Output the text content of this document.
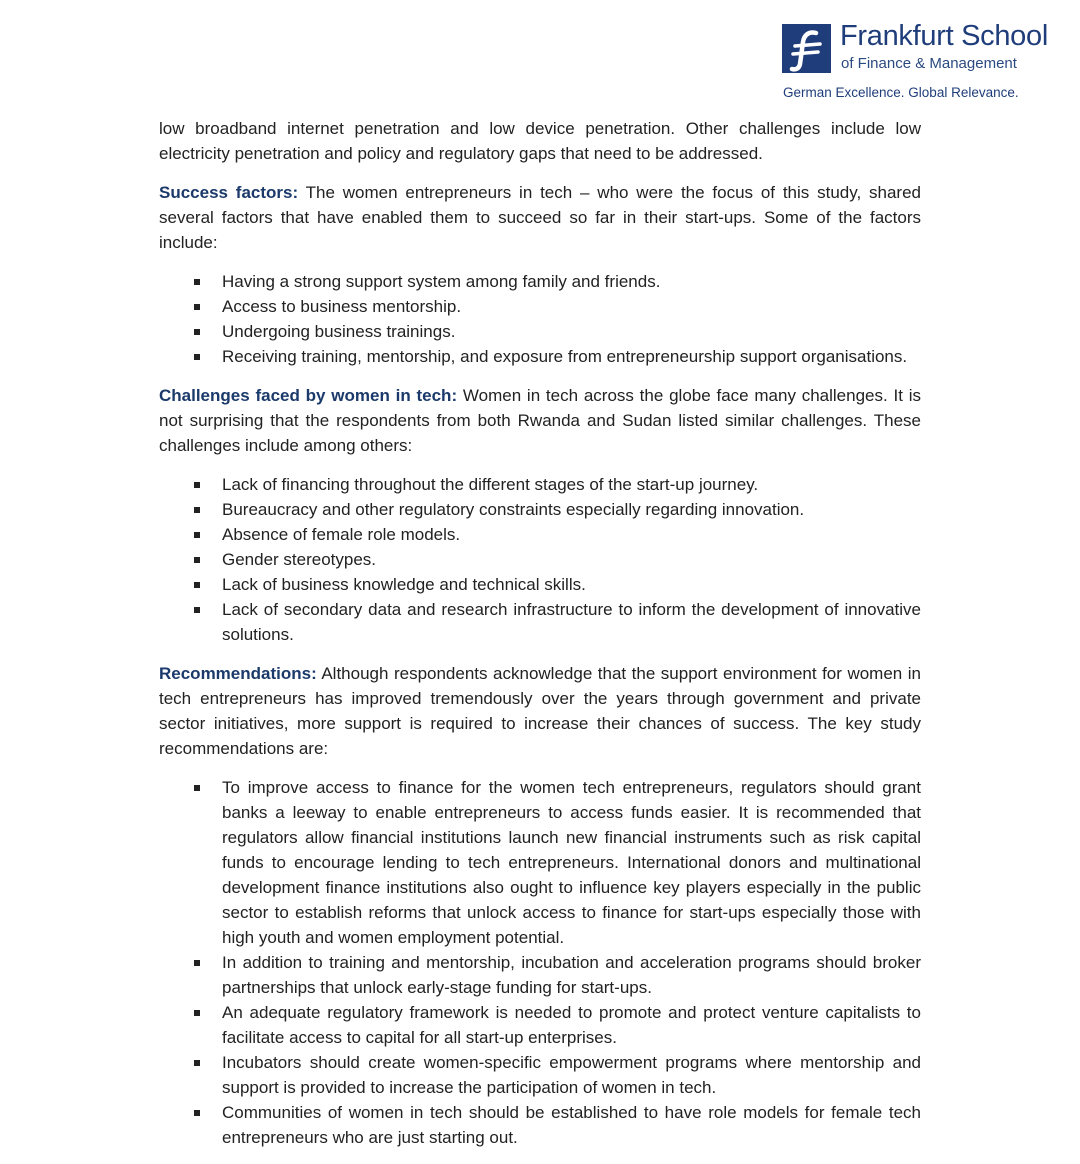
Frankfurt School
of Finance & Management
German Excellence. Global Relevance.

low broadband internet penetration and low device penetration. Other challenges include low electricity penetration and policy and regulatory gaps that need to be addressed.

Success factors: The women entrepreneurs in tech – who were the focus of this study, shared several factors that have enabled them to succeed so far in their start-ups. Some of the factors include:

Having a strong support system among family and friends.
Access to business mentorship.
Undergoing business trainings.
Receiving training, mentorship, and exposure from entrepreneurship support organisations.

Challenges faced by women in tech: Women in tech across the globe face many challenges. It is not surprising that the respondents from both Rwanda and Sudan listed similar challenges. These challenges include among others:

Lack of financing throughout the different stages of the start-up journey.
Bureaucracy and other regulatory constraints especially regarding innovation.
Absence of female role models.
Gender stereotypes.
Lack of business knowledge and technical skills.
Lack of secondary data and research infrastructure to inform the development of innovative solutions.

Recommendations: Although respondents acknowledge that the support environment for women in tech entrepreneurs has improved tremendously over the years through government and private sector initiatives, more support is required to increase their chances of success. The key study recommendations are:

To improve access to finance for the women tech entrepreneurs, regulators should grant banks a leeway to enable entrepreneurs to access funds easier. It is recommended that regulators allow financial institutions launch new financial instruments such as risk capital funds to encourage lending to tech entrepreneurs. International donors and multinational development finance institutions also ought to influence key players especially in the public sector to establish reforms that unlock access to finance for start-ups especially those with high youth and women employment potential.
In addition to training and mentorship, incubation and acceleration programs should broker partnerships that unlock early-stage funding for start-ups.
An adequate regulatory framework is needed to promote and protect venture capitalists to facilitate access to capital for all start-up enterprises.
Incubators should create women-specific empowerment programs where mentorship and support is provided to increase the participation of women in tech.
Communities of women in tech should be established to have role models for female tech entrepreneurs who are just starting out.
